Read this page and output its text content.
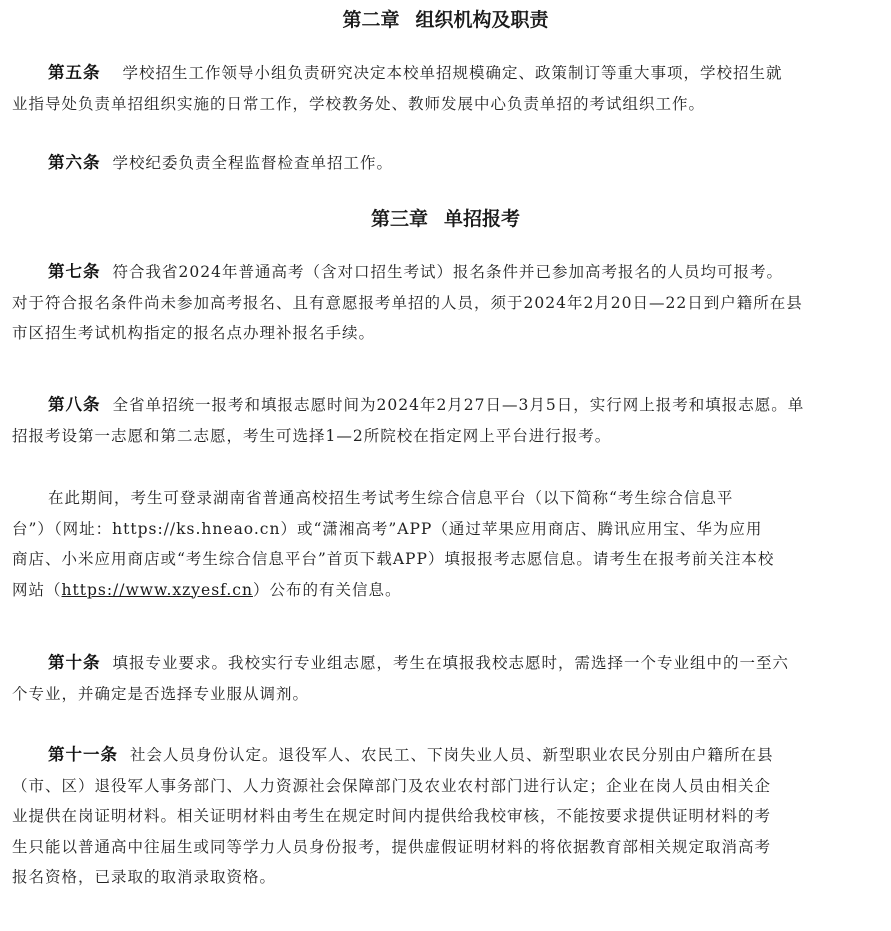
第二章 组织机构及职责
第五条 学校招生工作领导小组负责研究决定本校单招规模确定、政策制订等重大事项，学校招生就
业指导处负责单招组织实施的日常工作，学校教务处、教师发展中心负责单招的考试组织工作。
第六条 学校纪委负责全程监督检查单招工作。
第三章 单招报考
第七条 符合我省2024年普通高考（含对口招生考试）报名条件并已参加高考报名的人员均可报考。
对于符合报名条件尚未参加高考报名、且有意愿报考单招的人员，须于2024年2月20日—22日到户籍所在县
市区招生考试机构指定的报名点办理补报名手续。
第八条 全省单招统一报考和填报志愿时间为2024年2月27日—3月5日，实行网上报考和填报志愿。单
招报考设第一志愿和第二志愿，考生可选择1—2所院校在指定网上平台进行报考。
在此期间，考生可登录湖南省普通高校招生考试考生综合信息平台（以下简称“考生综合信息平
台”）（网址：https://ks.hneao.cn）或“潇湘高考”APP（通过苹果应用商店、腾讯应用宝、华为应用
商店、小米应用商店或“考生综合信息平台”首页下载APP）填报报考志愿信息。请考生在报考前关注本校
网站（https://www.xzyesf.cn）公布的有关信息。
第十条 填报专业要求。我校实行专业组志愿，考生在填报我校志愿时，需选择一个专业组中的一至六
个专业，并确定是否选择专业服从调剂。
第十一条 社会人员身份认定。退役军人、农民工、下岗失业人员、新型职业农民分别由户籍所在县
（市、区）退役军人事务部门、人力资源社会保障部门及农业农村部门进行认定；企业在岗人员由相关企
业提供在岗证明材料。相关证明材料由考生在规定时间内提供给我校审核，不能按要求提供证明材料的考
生只能以普通高中往届生或同等学力人员身份报考，提供虚假证明材料的将依据教育部相关规定取消高考
报名资格，已录取的取消录取资格。
